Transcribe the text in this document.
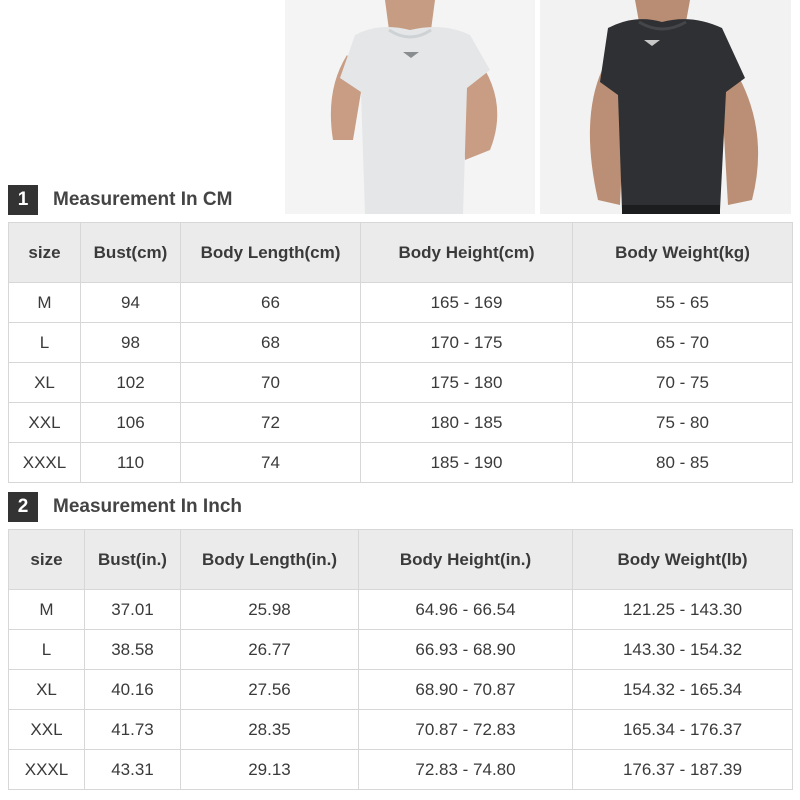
1	Measurement In CM
size	Bust(cm)	Body Length(cm)	Body Height(cm)	Body Weight(kg)
M	94	66	165 - 169	55 - 65
L	98	68	170 - 175	65 - 70
XL	102	70	175 - 180	70 - 75
XXL	106	72	180 - 185	75 - 80
XXXL	110	74	185 - 190	80 - 85
2	Measurement In Inch
size	Bust(in.)	Body Length(in.)	Body Height(in.)	Body Weight(lb)
M	37.01	25.98	64.96 - 66.54	121.25 - 143.30
L	38.58	26.77	66.93 - 68.90	143.30 - 154.32
XL	40.16	27.56	68.90 - 70.87	154.32 - 165.34
XXL	41.73	28.35	70.87 - 72.83	165.34 - 176.37
XXXL	43.31	29.13	72.83 - 74.80	176.37 - 187.39
